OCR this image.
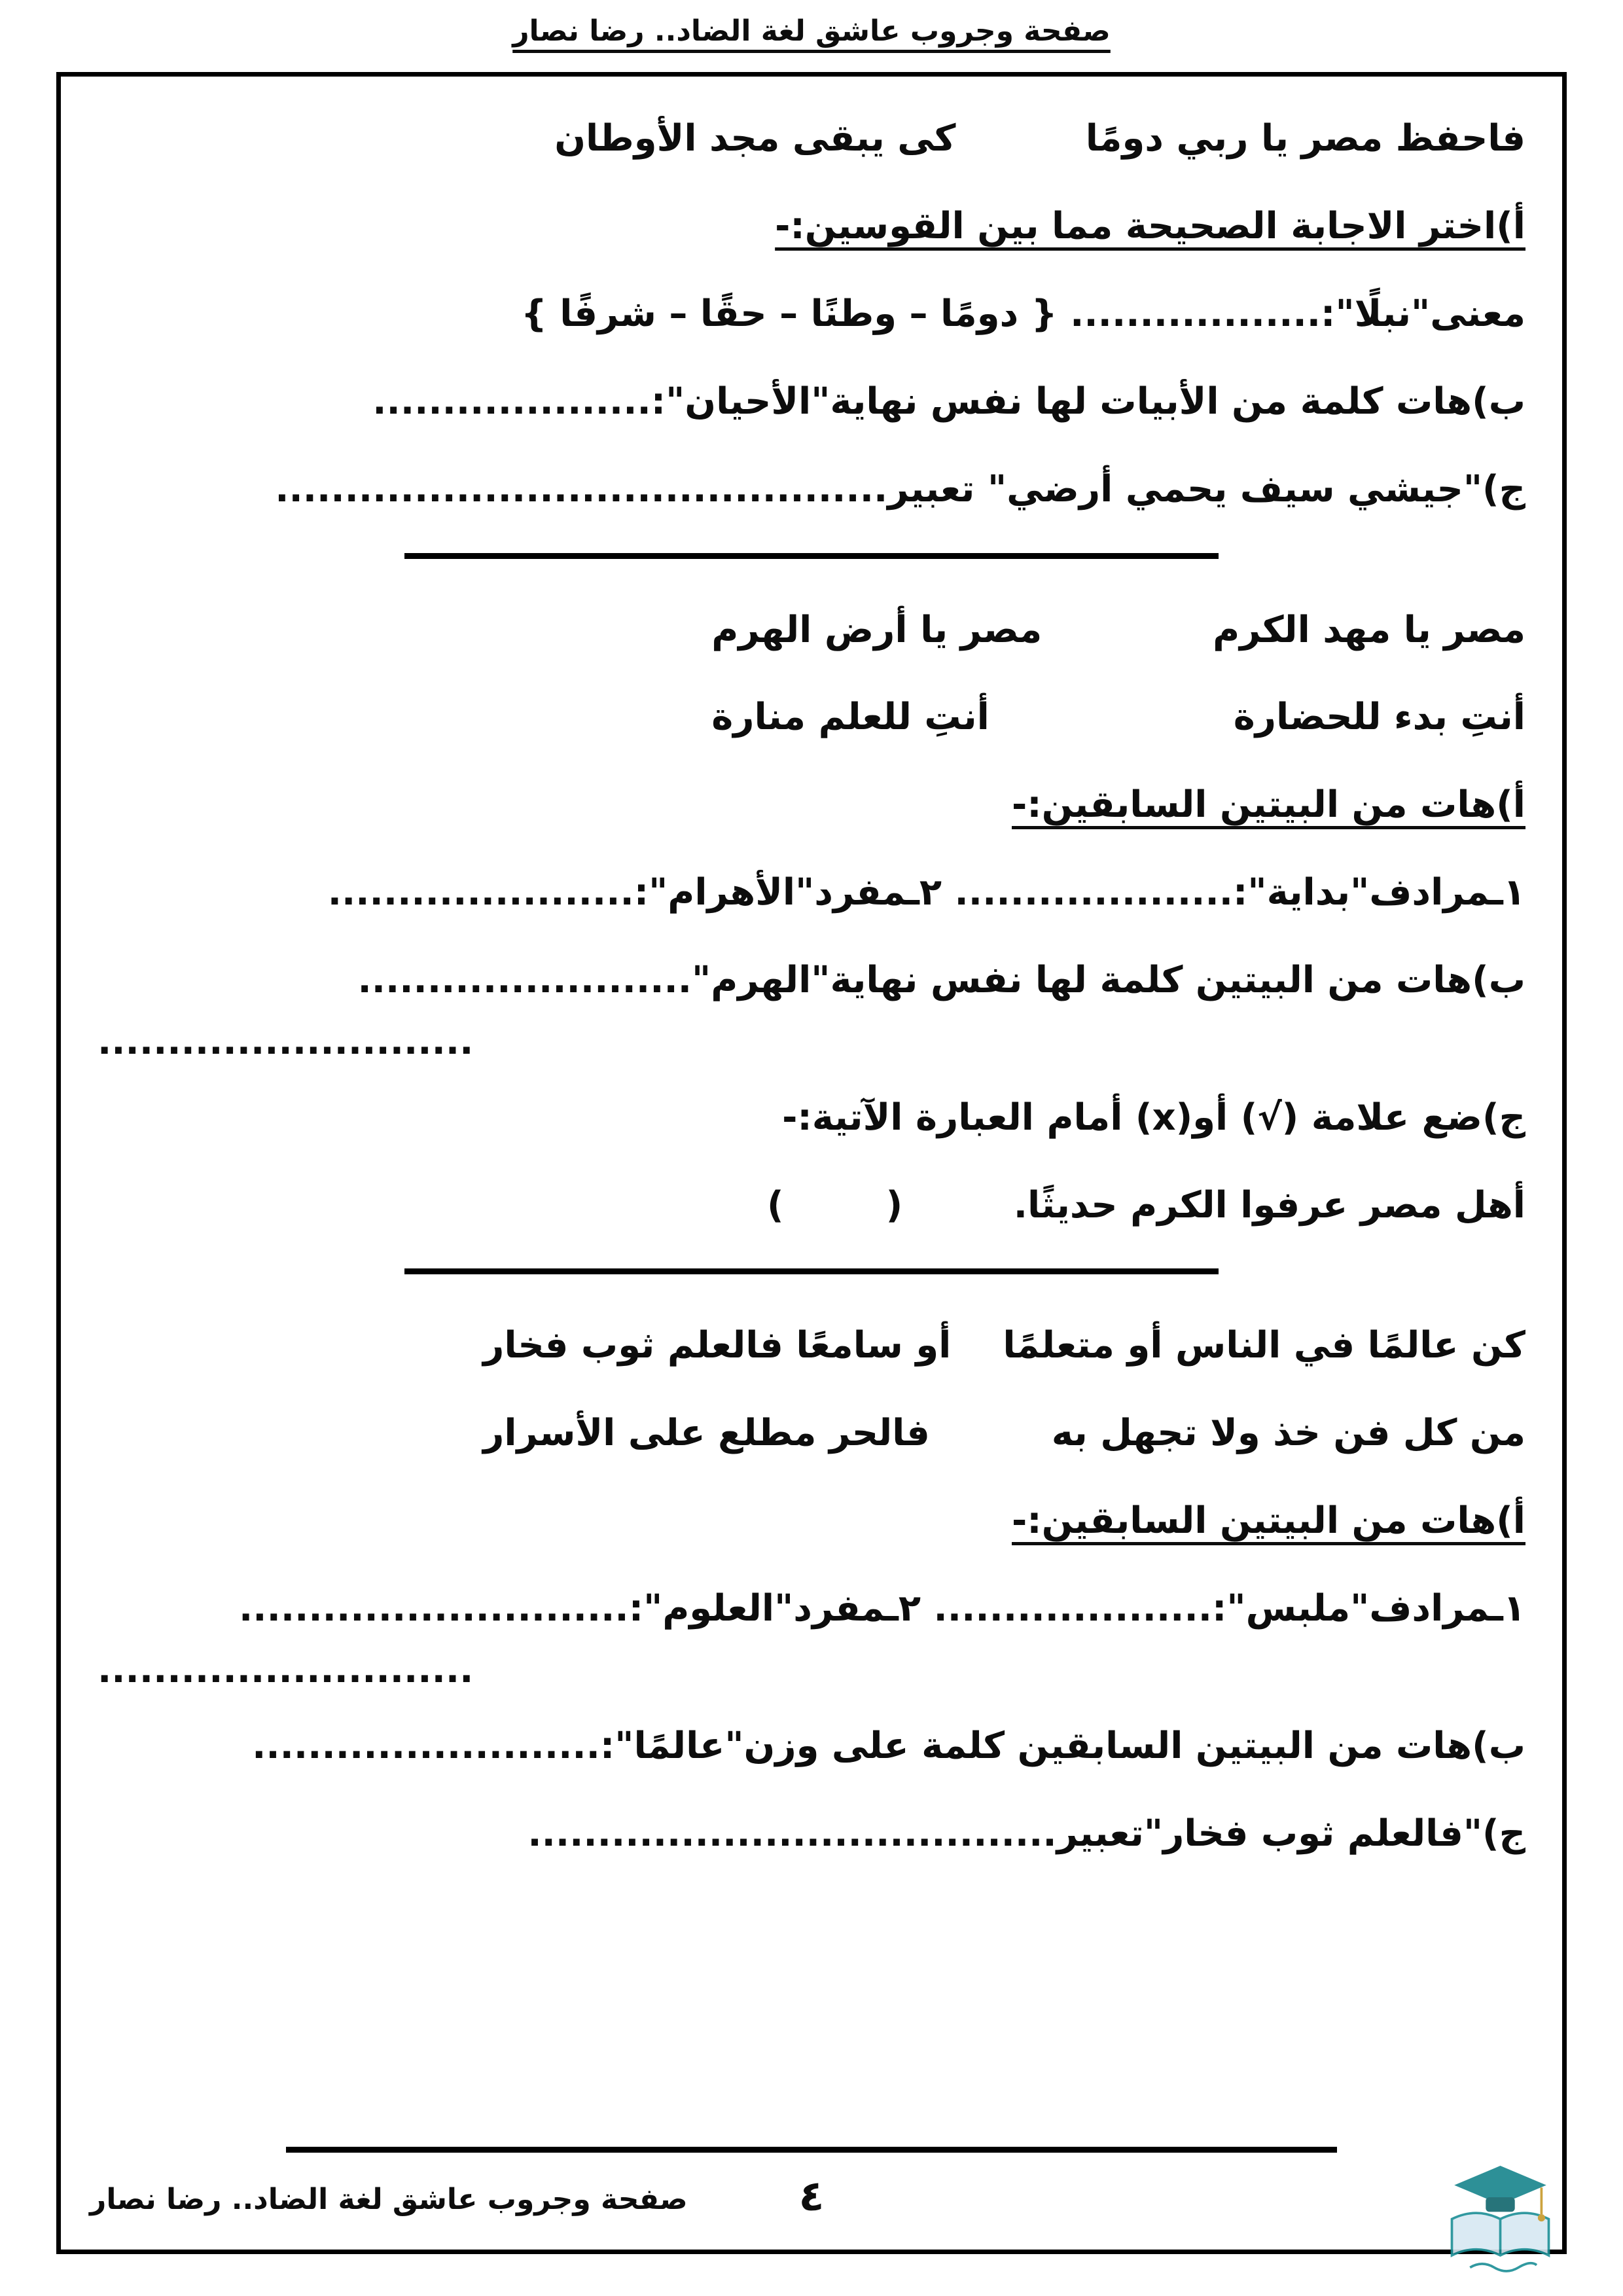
صفحة وجروب عاشق لغة الضاد.. رضا نصار
فاحفظ مصر يا ربي دومًا
كى يبقى مجد الأوطان
أ)اختر الاجابة الصحيحة مما بين القوسين:-
معنى"نبلًا":.................. { دومًا – وطنًا – حقًا – شرفًا }
ب)هات كلمة من الأبيات لها نفس نهاية"الأحيان":....................
ج)"جيشي سيف يحمي أرضي" تعبير............................................
مصر يا مهد الكرم
مصر يا أرض الهرم
أنتِ بدء للحضارة
أنتِ للعلم منارة
أ)هات من البيتين السابقين:-
١ـمرادف"بداية":.................... ٢ـمفرد"الأهرام":......................
ب)هات من البيتين كلمة لها نفس نهاية"الهرم"........................
...........................
ج)ضع علامة (√) أو(x) أمام العبارة الآتية:-
أهل مصر عرفوا الكرم حديثًا. (        )
كن عالمًا في الناس أو متعلمًا
أو سامعًا فالعلم ثوب فخار
من كل فن خذ ولا تجهل به
فالحر مطلع على الأسرار
أ)هات من البيتين السابقين:-
١ـمرادف"ملبس":.................... ٢ـمفرد"العلوم":............................
...........................
ب)هات من البيتين السابقين كلمة على وزن"عالمًا":.........................
ج)"فالعلم ثوب فخار"تعبير......................................
٤
صفحة وجروب عاشق لغة الضاد.. رضا نصار
